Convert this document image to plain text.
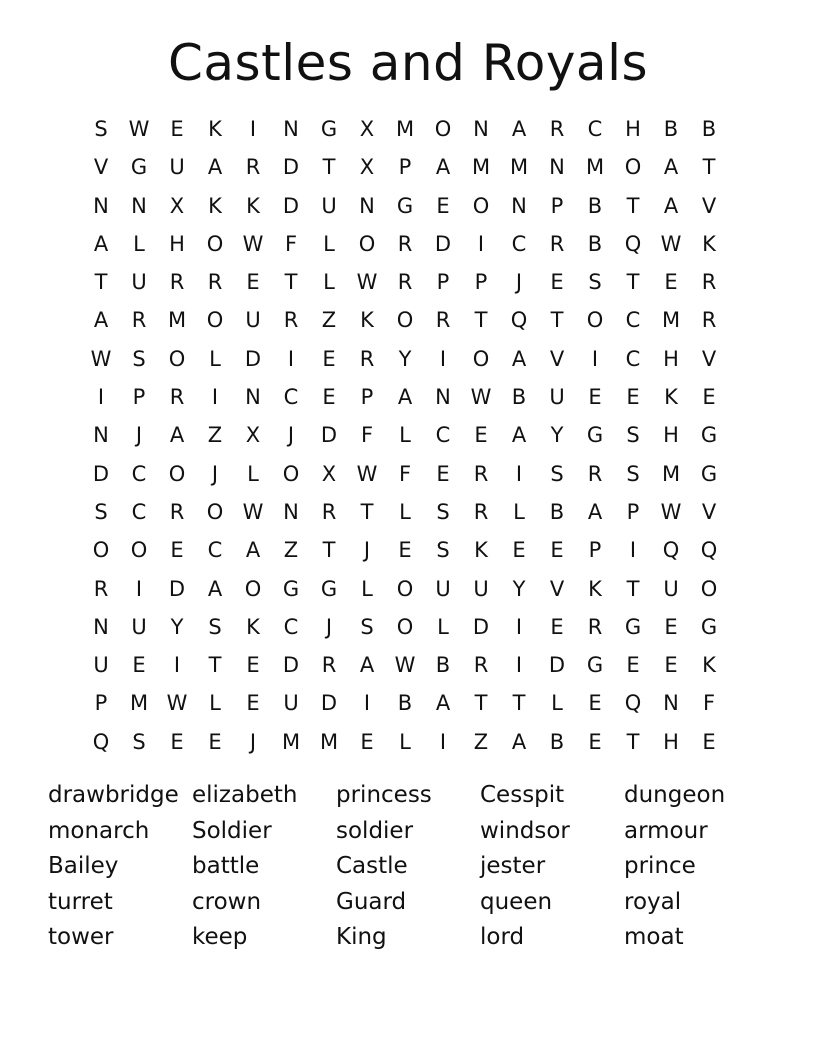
Castles and Royals
S W E	K	I	N	G	X	M O	N	A	R	C	H	B	B
V	G	U	A	R	D	T	X	P	A	M M	N	M O	A	T
N	N	X	K	K	D	U	N	G	E	O	N	P	B	T	A	V
A	L	H	O W	F	L	O	R	D	I	C	R	B	Q W K
T	U	R	R	E	T	L	W R	P	P	J	E	S	T	E	R
A	R	M O	U	R	Z	K	O	R	T	Q	T	O	C	M	R
W S	O	L	D	I	E	R	Y	I	O	A	V	I	C	H	V
I	P	R	I	N	C	E	P	A	N W B	U	E	E	K	E
N	J	A	Z	X	J	D	F	L	C	E	A	Y	G	S	H	G
D	C	O	J	L	O	X W	F	E	R	I	S	R	S	M G
S	C	R	O W N	R	T	L	S	R	L	B	A	P	W V
O	O	E	C	A	Z	T	J	E	S	K	E	E	P	I	Q	Q
R	I	D	A	O	G	G	L	O	U	U	Y	V	K	T	U	O
N	U	Y	S	K	C	J	S	O	L	D	I	E	R	G	E	G
U	E	I	T	E	D	R	A W B	R	I	D	G	E	E	K
P	M W	L	E	U	D	I	B	A	T	T	L	E	Q	N	F
Q	S	E	E	J	M M	E	L	I	Z	A	B	E	T	H	E
drawbridge elizabeth	princess	Cesspit	dungeon
monarch	Soldier	soldier	windsor	armour
Bailey	battle	Castle	jester	prince
turret	crown	Guard	queen	royal
tower	keep	King	lord	moat
